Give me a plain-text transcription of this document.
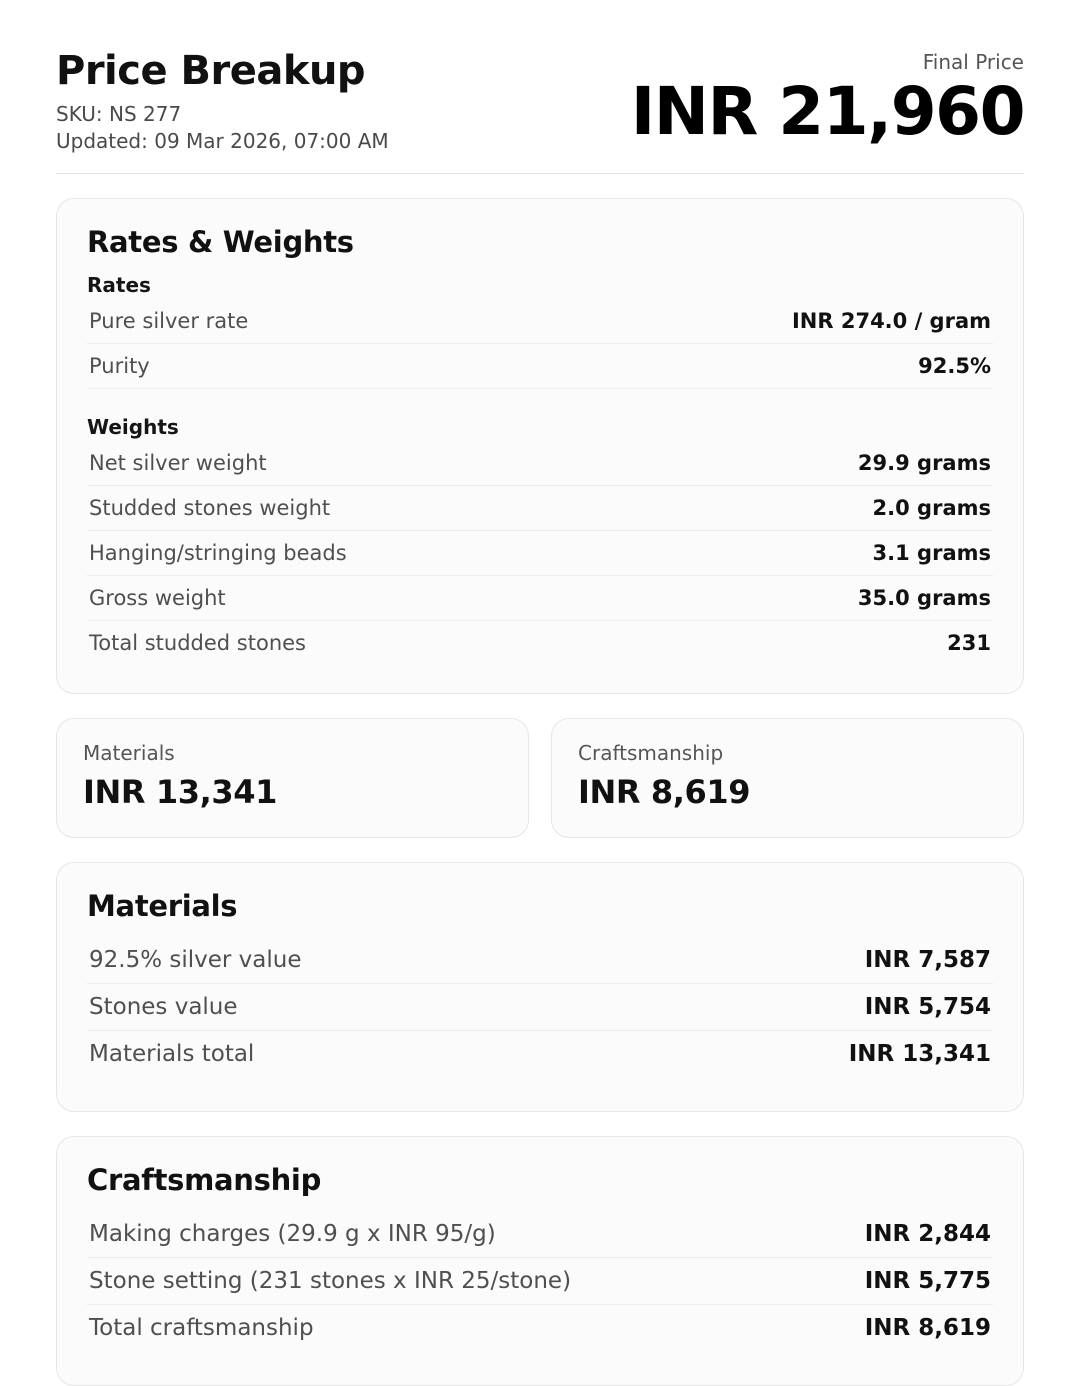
Price Breakup
SKU: NS 277
Updated: 09 Mar 2026, 07:00 AM
Final Price
INR 21,960
Rates & Weights
Rates
Pure silver rate	INR 274.0 / gram
Purity	92.5%
Weights
Net silver weight	29.9 grams
Studded stones weight	2.0 grams
Hanging/stringing beads	3.1 grams
Gross weight	35.0 grams
Total studded stones	231
Materials
INR 13,341
Craftsmanship
INR 8,619
Materials
92.5% silver value	INR 7,587
Stones value	INR 5,754
Materials total	INR 13,341
Craftsmanship
Making charges (29.9 g x INR 95/g)	INR 2,844
Stone setting (231 stones x INR 25/stone)	INR 5,775
Total craftsmanship	INR 8,619
